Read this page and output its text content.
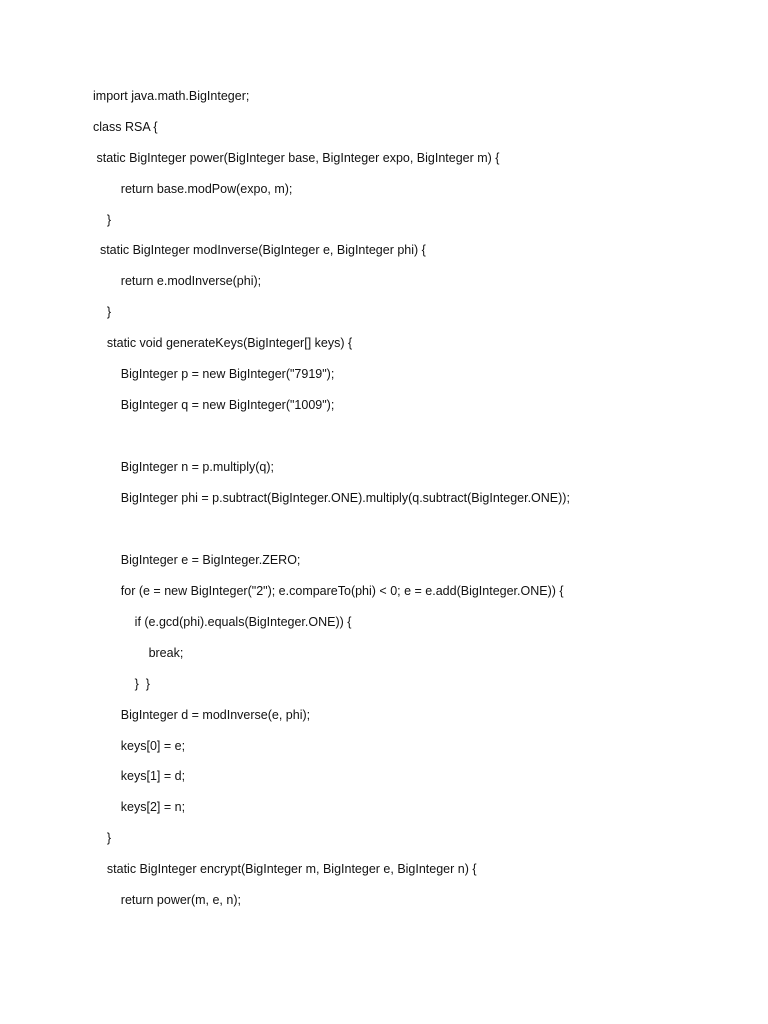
import java.math.BigInteger;
class RSA {
static BigInteger power(BigInteger base, BigInteger expo, BigInteger m) {
return base.modPow(expo, m);
}
static BigInteger modInverse(BigInteger e, BigInteger phi) {
return e.modInverse(phi);
}
static void generateKeys(BigInteger[] keys) {
BigInteger p = new BigInteger("7919");
BigInteger q = new BigInteger("1009");
BigInteger n = p.multiply(q);
BigInteger phi = p.subtract(BigInteger.ONE).multiply(q.subtract(BigInteger.ONE));
BigInteger e = BigInteger.ZERO;
for (e = new BigInteger("2"); e.compareTo(phi) < 0; e = e.add(BigInteger.ONE)) {
if (e.gcd(phi).equals(BigInteger.ONE)) {
break;
}  }
BigInteger d = modInverse(e, phi);
keys[0] = e;
keys[1] = d;
keys[2] = n;
}
static BigInteger encrypt(BigInteger m, BigInteger e, BigInteger n) {
return power(m, e, n);
